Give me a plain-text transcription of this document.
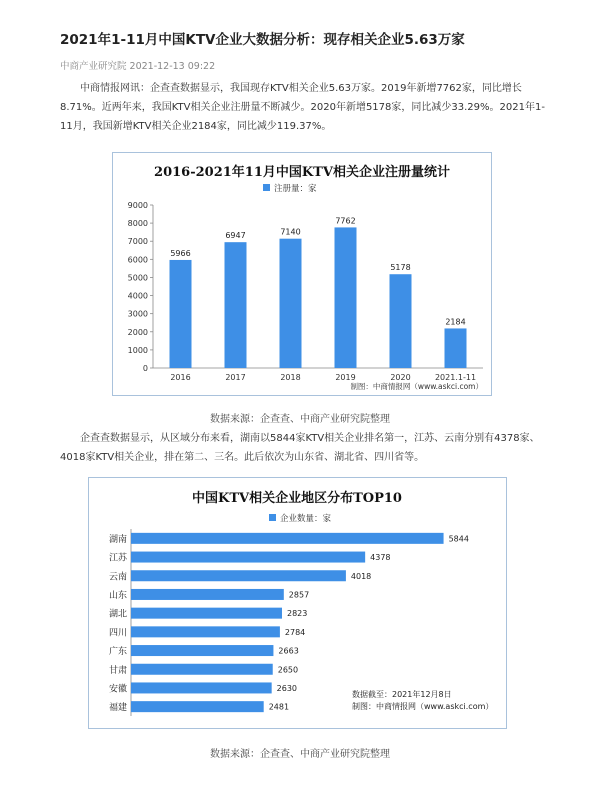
2021年1-11月中国KTV企业大数据分析：现存相关企业5.63万家
中商产业研究院 2021-12-13 09:22
中商情报网讯：企查查数据显示，我国现存KTV相关企业5.63万家。2019年新增7762家，同比增长8.71%。近两年来，我国KTV相关企业注册量不断减少。2020年新增5178家，同比减少33.29%。2021年1-11月，我国新增KTV相关企业2184家，同比减少119.37%。
2016-2021年11月中国KTV相关企业注册量统计
注册量：家
0
1000
2000
3000
4000
5000
6000
7000
8000
9000
5966
2016
6947
2017
7140
2018
7762
2019
5178
2020
2184
2021.1-11
制图：中商情报网（www.askci.com）
数据来源：企查查、中商产业研究院整理
企查查数据显示，从区域分布来看，湖南以5844家KTV相关企业排名第一，江苏、云南分别有4378家、4018家KTV相关企业，排在第二、三名。此后依次为山东省、湖北省、四川省等。
中国KTV相关企业地区分布TOP10
企业数量：家
5844
湖南
4378
江苏
4018
云南
2857
山东
2823
湖北
2784
四川
2663
广东
2650
甘肃
2630
安徽
2481
福建
数据截至：2021年12月8日
制图：中商情报网（www.askci.com）
数据来源：企查查、中商产业研究院整理
